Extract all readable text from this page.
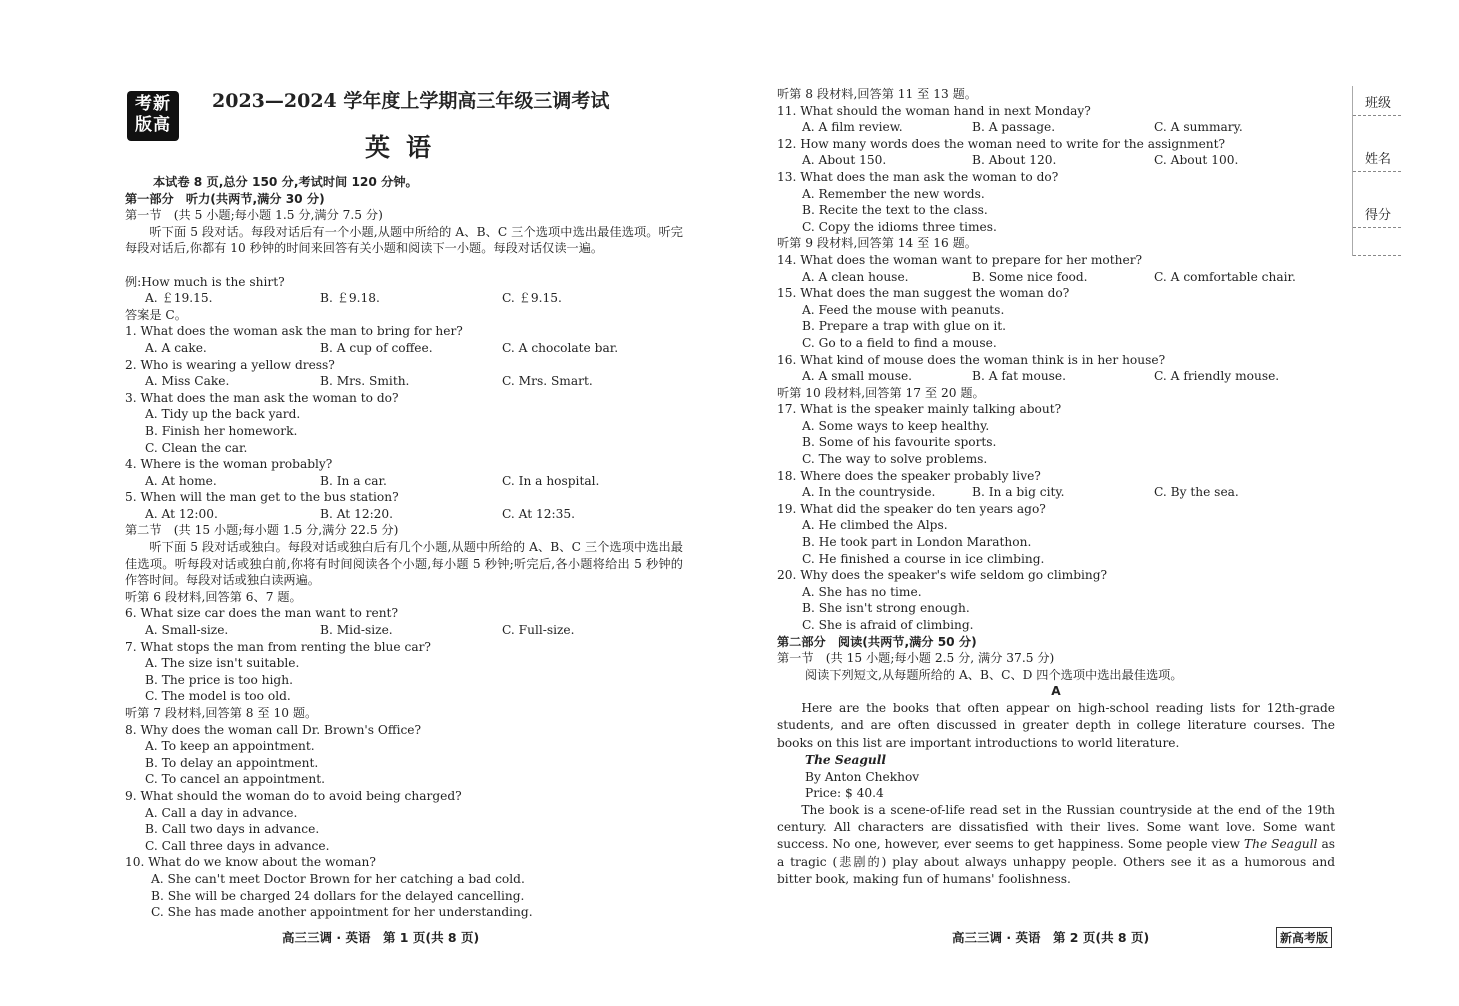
考新
版高
2023—2024 学年度上学期高三年级三调考试
英语
本试卷 8 页,总分 150 分,考试时间 120 分钟。
第一部分　听力(共两节,满分 30 分)
第一节　(共 5 小题;每小题 1.5 分,满分 7.5 分)
听下面 5 段对话。每段对话后有一个小题,从题中所给的 A、B、C 三个选项中选出最佳选项。听完每段对话后,你都有 10 秒钟的时间来回答有关小题和阅读下一小题。每段对话仅读一遍。
例:How much is the shirt?
A. ￡19.15.	B. ￡9.18.	C. ￡9.15.
答案是 C。
1. What does the woman ask the man to bring for her?
A. A cake.	B. A cup of coffee.	C. A chocolate bar.
2. Who is wearing a yellow dress?
A. Miss Cake.	B. Mrs. Smith.	C. Mrs. Smart.
3. What does the man ask the woman to do?
A. Tidy up the back yard.
B. Finish her homework.
C. Clean the car.
4. Where is the woman probably?
A. At home.	B. In a car.	C. In a hospital.
5. When will the man get to the bus station?
A. At 12:00.	B. At 12:20.	C. At 12:35.
第二节　(共 15 小题;每小题 1.5 分,满分 22.5 分)
听下面 5 段对话或独白。每段对话或独白后有几个小题,从题中所给的 A、B、C 三个选项中选出最佳选项。听每段对话或独白前,你将有时间阅读各个小题,每小题 5 秒钟;听完后,各小题将给出 5 秒钟的作答时间。每段对话或独白读两遍。
听第 6 段材料,回答第 6、7 题。
6. What size car does the man want to rent?
A. Small-size.	B. Mid-size.	C. Full-size.
7. What stops the man from renting the blue car?
A. The size isn't suitable.
B. The price is too high.
C. The model is too old.
听第 7 段材料,回答第 8 至 10 题。
8. Why does the woman call Dr. Brown's Office?
A. To keep an appointment.
B. To delay an appointment.
C. To cancel an appointment.
9. What should the woman do to avoid being charged?
A. Call a day in advance.
B. Call two days in advance.
C. Call three days in advance.
10. What do we know about the woman?
A. She can't meet Doctor Brown for her catching a bad cold.
B. She will be charged 24 dollars for the delayed cancelling.
C. She has made another appointment for her understanding.
高三三调 · 英语　第 1 页(共 8 页)
听第 8 段材料,回答第 11 至 13 题。
11. What should the woman hand in next Monday?
A. A film review.	B. A passage.	C. A summary.
12. How many words does the woman need to write for the assignment?
A. About 150.	B. About 120.	C. About 100.
13. What does the man ask the woman to do?
A. Remember the new words.
B. Recite the text to the class.
C. Copy the idioms three times.
听第 9 段材料,回答第 14 至 16 题。
14. What does the woman want to prepare for her mother?
A. A clean house.	B. Some nice food.	C. A comfortable chair.
15. What does the man suggest the woman do?
A. Feed the mouse with peanuts.
B. Prepare a trap with glue on it.
C. Go to a field to find a mouse.
16. What kind of mouse does the woman think is in her house?
A. A small mouse.	B. A fat mouse.	C. A friendly mouse.
听第 10 段材料,回答第 17 至 20 题。
17. What is the speaker mainly talking about?
A. Some ways to keep healthy.
B. Some of his favourite sports.
C. The way to solve problems.
18. Where does the speaker probably live?
A. In the countryside.	B. In a big city.	C. By the sea.
19. What did the speaker do ten years ago?
A. He climbed the Alps.
B. He took part in London Marathon.
C. He finished a course in ice climbing.
20. Why does the speaker's wife seldom go climbing?
A. She has no time.
B. She isn't strong enough.
C. She is afraid of climbing.
第二部分　阅读(共两节,满分 50 分)
第一节　(共 15 小题;每小题 2.5 分, 满分 37.5 分)
阅读下列短文,从每题所给的 A、B、C、D 四个选项中选出最佳选项。
A
Here are the books that often appear on high-school reading lists for 12th-grade students, and are often discussed in greater depth in college literature courses. The books on this list are important introductions to world literature.
The Seagull
By Anton Chekhov
Price: $ 40.4
The book is a scene-of-life read set in the Russian countryside at the end of the 19th century. All characters are dissatisfied with their lives. Some want love. Some want success. No one, however, ever seems to get happiness. Some people view The Seagull as a tragic (悲剧的) play about always unhappy people. Others see it as a humorous and bitter book, making fun of humans' foolishness.
高三三调 · 英语　第 2 页(共 8 页)	新高考版
班级
姓名
得分
